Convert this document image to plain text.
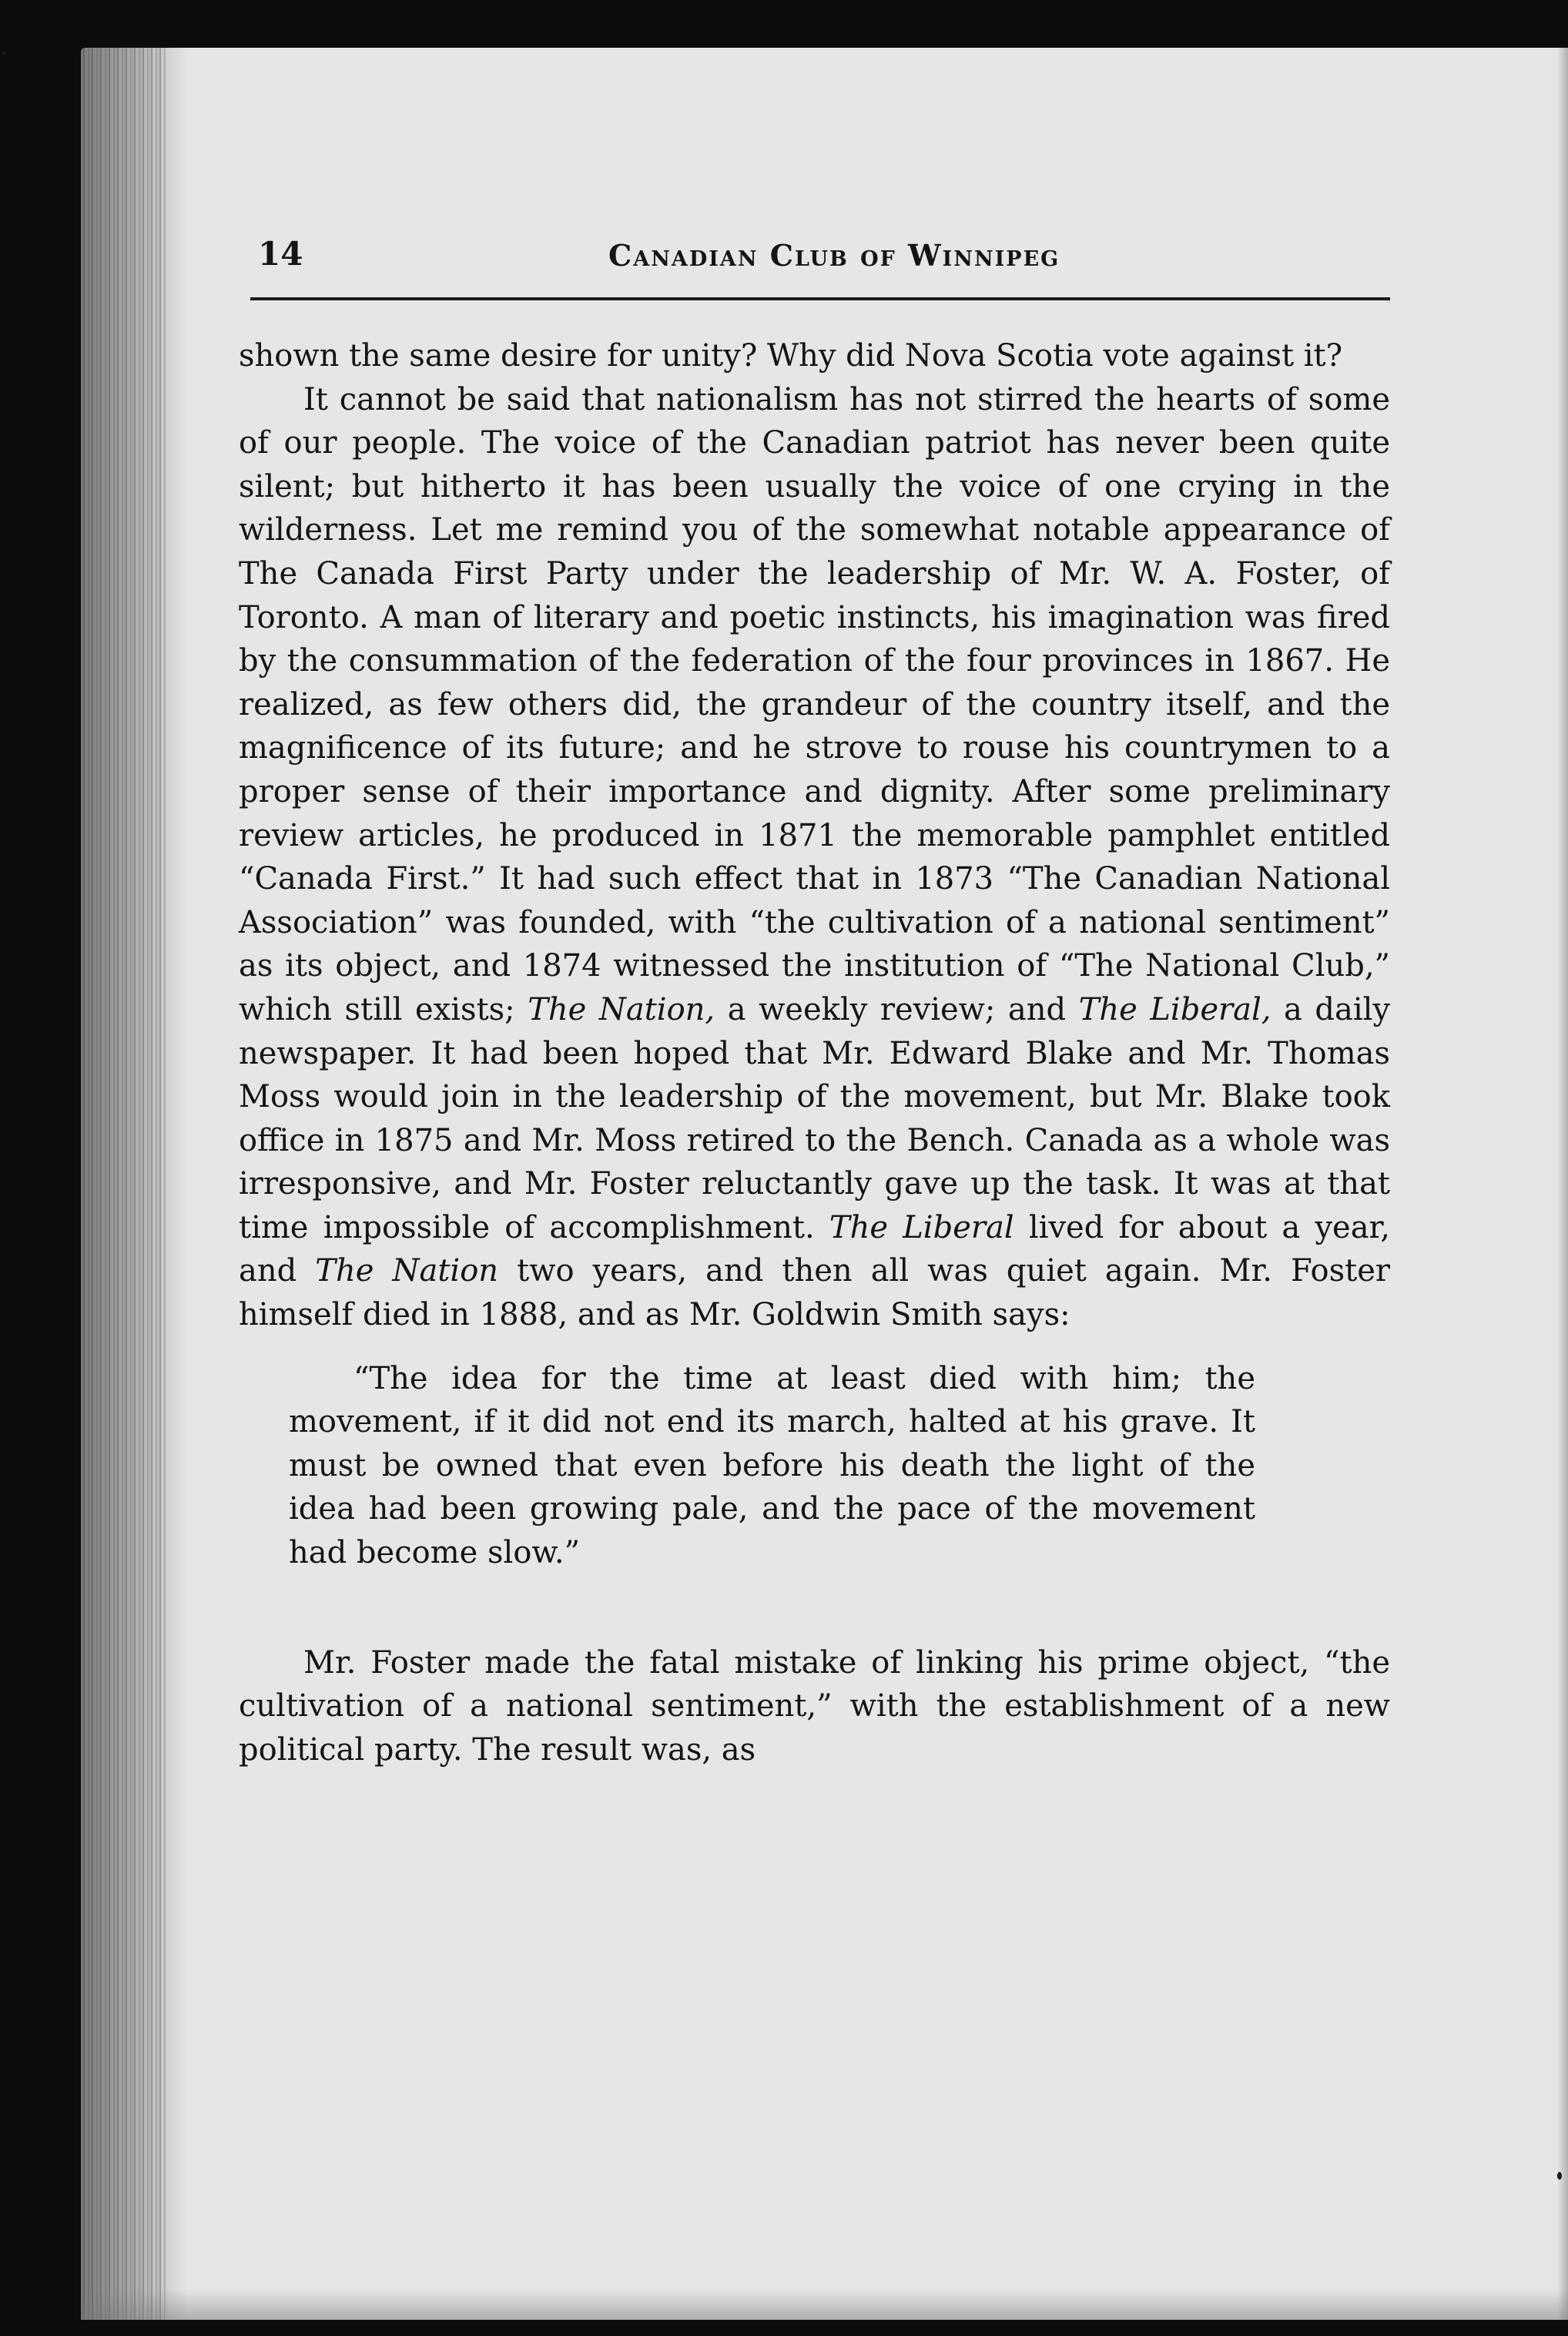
14	Canadian Club of Winnipeg

shown the same desire for unity? Why did Nova Scotia vote against it?

It cannot be said that nationalism has not stirred the hearts of some of our people. The voice of the Canadian patriot has never been quite silent; but hitherto it has been usually the voice of one crying in the wilderness. Let me remind you of the somewhat notable appearance of The Canada First Party under the leadership of Mr. W. A. Foster, of Toronto. A man of literary and poetic instincts, his imagination was fired by the consummation of the federation of the four provinces in 1867. He realized, as few others did, the grandeur of the country itself, and the magnificence of its future; and he strove to rouse his countrymen to a proper sense of their importance and dignity. After some preliminary review articles, he produced in 1871 the memorable pamphlet entitled “Canada First.” It had such effect that in 1873 “The Canadian National Association” was founded, with “the cultivation of a national sentiment” as its object, and 1874 witnessed the institution of “The National Club,” which still exists; The Nation, a weekly review; and The Liberal, a daily newspaper. It had been hoped that Mr. Edward Blake and Mr. Thomas Moss would join in the leadership of the movement, but Mr. Blake took office in 1875 and Mr. Moss retired to the Bench. Canada as a whole was irresponsive, and Mr. Foster reluctantly gave up the task. It was at that time impossible of accomplishment. The Liberal lived for about a year, and The Nation two years, and then all was quiet again. Mr. Foster himself died in 1888, and as Mr. Goldwin Smith says:

“The idea for the time at least died with him; the movement, if it did not end its march, halted at his grave. It must be owned that even before his death the light of the idea had been growing pale, and the pace of the movement had become slow.”

Mr. Foster made the fatal mistake of linking his prime object, “the cultivation of a national sentiment,” with the establishment of a new political party. The result was, as
